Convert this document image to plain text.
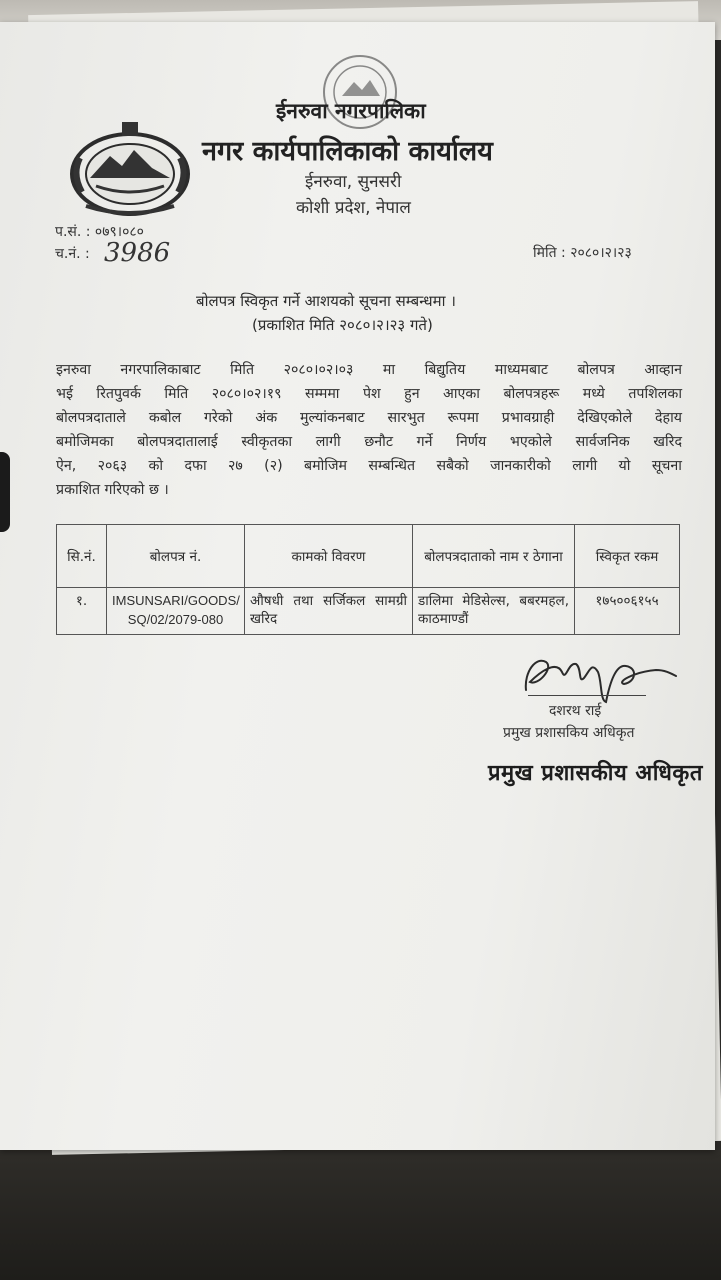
ईनरुवा नगरपालिका
नगर कार्यपालिकाको कार्यालय
ईनरुवा, सुनसरी
कोशी प्रदेश, नेपाल
प.सं. : ०७९।०८०
च.नं. : 3986	मिति : २०८०।२।२३
बोलपत्र स्विकृत गर्ने आशयको सूचना सम्बन्धमा ।
(प्रकाशित मिति २०८०।२।२३ गते)
इनरुवा नगरपालिकाबाट मिति २०८०।०२।०३ मा बिद्युतिय माध्यमबाट बोलपत्र आव्हान
भई रितपुवर्क मिति २०८०।०२।१९ सम्ममा पेश हुन आएका बोलपत्रहरू मध्ये तपशिलका
बोलपत्रदाताले कबोल गरेको अंक मुल्यांकनबाट सारभुत रूपमा प्रभावग्राही देखिएकोले देहाय
बमोजिमका बोलपत्रदातालाई स्वीकृतका लागी छनौट गर्ने निर्णय भएकोले सार्वजनिक खरिद
ऐन, २०६३ को दफा २७ (२) बमोजिम सम्बन्धित सबैको जानकारीको लागी यो सूचना
प्रकाशित गरिएको छ ।
सि.नं.	बोलपत्र नं.	कामको विवरण	बोलपत्रदाताको नाम र ठेगाना	स्विकृत रकम
१.	IMSUNSARI/GOODS/ SQ/02/2079-080	औषधी तथा सर्जिकल सामग्री खरिद	डालिमा मेडिसेल्स, बबरमहल, काठमाण्डौं	१७५००६१५५
दशरथ राई
प्रमुख प्रशासकिय अधिकृत
प्रमुख प्रशासकीय अधिकृत
